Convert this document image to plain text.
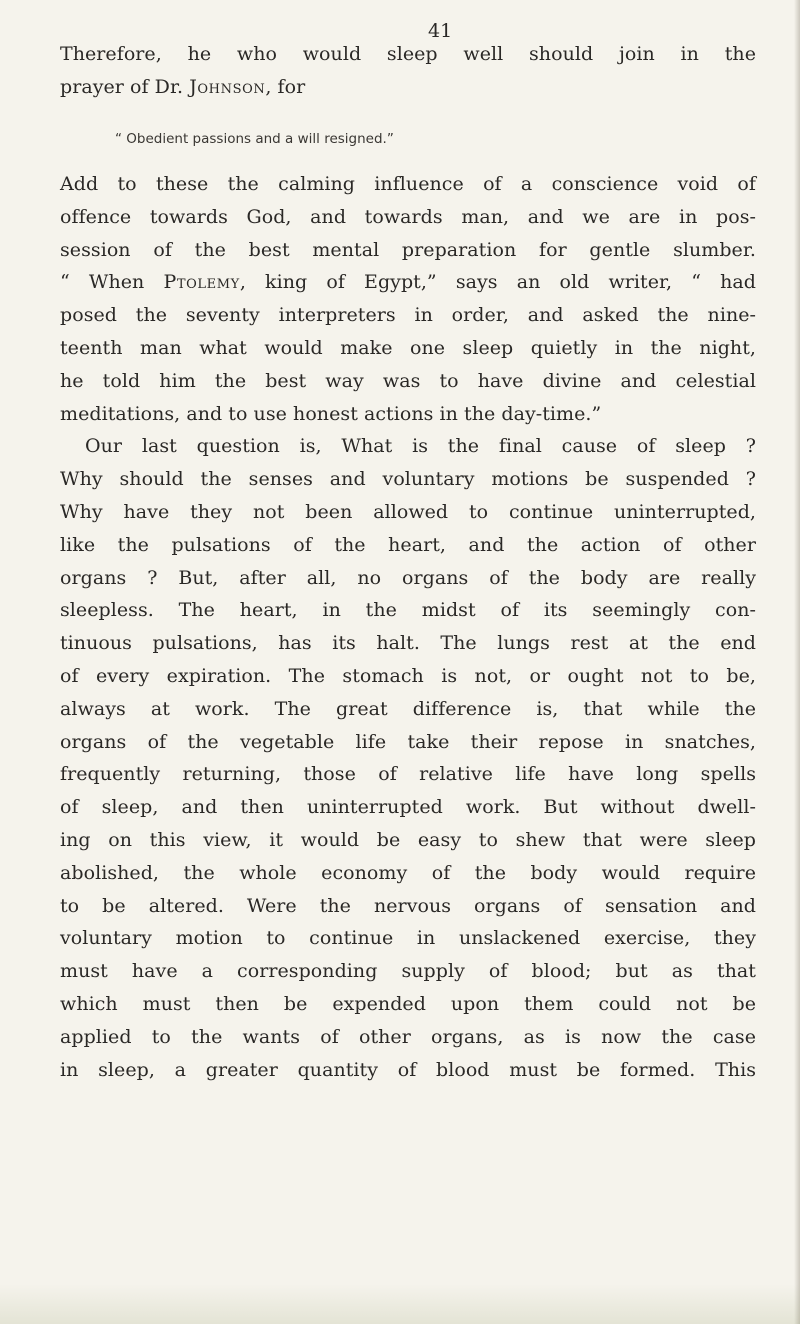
41
Therefore, he who would sleep well should join in the
prayer of Dr. Johnson, for
“ Obedient passions and a will resigned.”
Add to these the calming influence of a conscience void of
offence towards God, and towards man, and we are in pos-
session of the best mental preparation for gentle slumber.
“ When Ptolemy, king of Egypt,” says an old writer, “ had
posed the seventy interpreters in order, and asked the nine-
teenth man what would make one sleep quietly in the night,
he told him the best way was to have divine and celestial
meditations, and to use honest actions in the day-time.”
Our last question is, What is the final cause of sleep ?
Why should the senses and voluntary motions be suspended ?
Why have they not been allowed to continue uninterrupted,
like the pulsations of the heart, and the action of other
organs ? But, after all, no organs of the body are really
sleepless. The heart, in the midst of its seemingly con-
tinuous pulsations, has its halt. The lungs rest at the end
of every expiration. The stomach is not, or ought not to be,
always at work. The great difference is, that while the
organs of the vegetable life take their repose in snatches,
frequently returning, those of relative life have long spells
of sleep, and then uninterrupted work. But without dwell-
ing on this view, it would be easy to shew that were sleep
abolished, the whole economy of the body would require
to be altered. Were the nervous organs of sensation and
voluntary motion to continue in unslackened exercise, they
must have a corresponding supply of blood; but as that
which must then be expended upon them could not be
applied to the wants of other organs, as is now the case
in sleep, a greater quantity of blood must be formed. This
